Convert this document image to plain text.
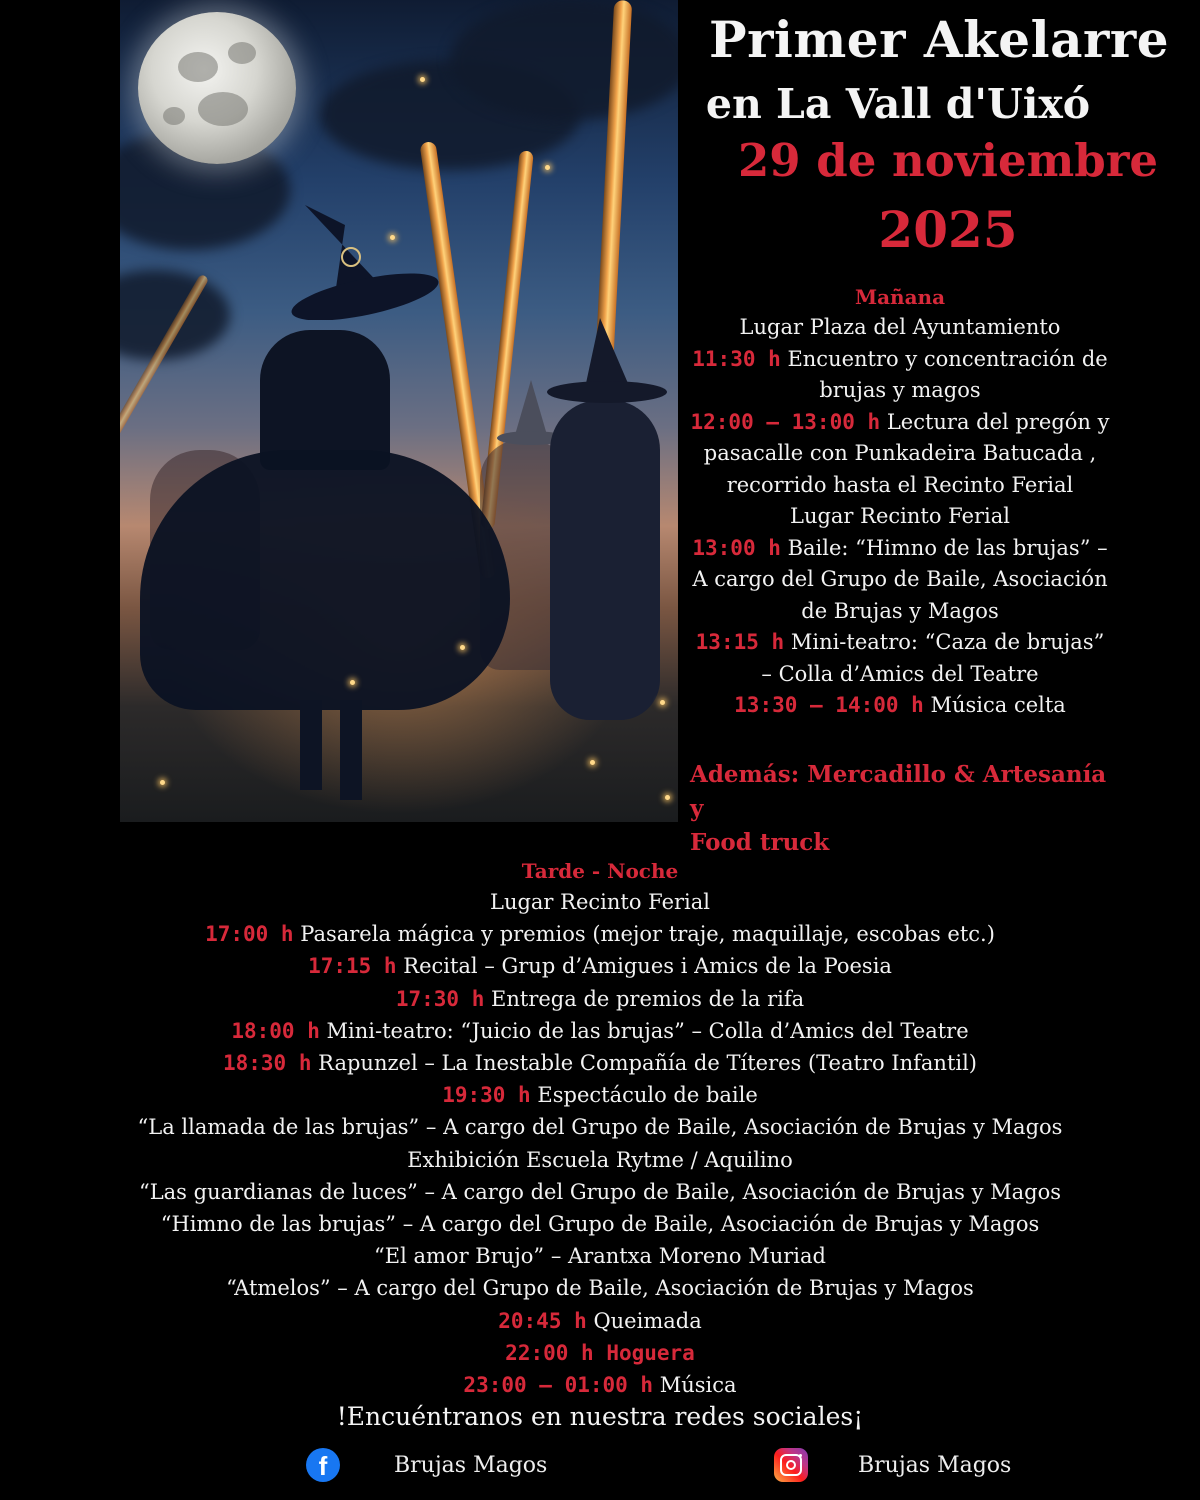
Primer Akelarre
en La Vall d'Uixó
29 de noviembre
2025
Mañana
Lugar Plaza del Ayuntamiento
11:30 h Encuentro y concentración de
brujas y magos
12:00 – 13:00 h Lectura del pregón y
pasacalle con Punkadeira Batucada ,
recorrido hasta el Recinto Ferial
Lugar Recinto Ferial
13:00 h Baile: “Himno de las brujas” –
A cargo del Grupo de Baile, Asociación
de Brujas y Magos
13:15 h Mini-teatro: “Caza de brujas”
– Colla d’Amics del Teatre
13:30 – 14:00 h Música celta
Además: Mercadillo & Artesanía y
Food truck
Tarde - Noche
Lugar Recinto Ferial
17:00 h Pasarela mágica y premios (mejor traje, maquillaje, escobas etc.)
17:15 h Recital – Grup d’Amigues i Amics de la Poesia
17:30 h Entrega de premios de la rifa
18:00 h Mini-teatro: “Juicio de las brujas” – Colla d’Amics del Teatre
18:30 h Rapunzel – La Inestable Compañía de Títeres (Teatro Infantil)
19:30 h Espectáculo de baile
“La llamada de las brujas” – A cargo del Grupo de Baile, Asociación de Brujas y Magos
Exhibición Escuela Rytme / Aquilino
“Las guardianas de luces” – A cargo del Grupo de Baile, Asociación de Brujas y Magos
“Himno de las brujas” – A cargo del Grupo de Baile, Asociación de Brujas y Magos
“El amor Brujo” – Arantxa Moreno Muriad
“Atmelos” – A cargo del Grupo de Baile, Asociación de Brujas y Magos
20:45 h Queimada
22:00 h Hoguera
23:00 – 01:00 h Música
!Encuéntranos en nuestra redes sociales¡
f	Brujas Magos	Brujas Magos
